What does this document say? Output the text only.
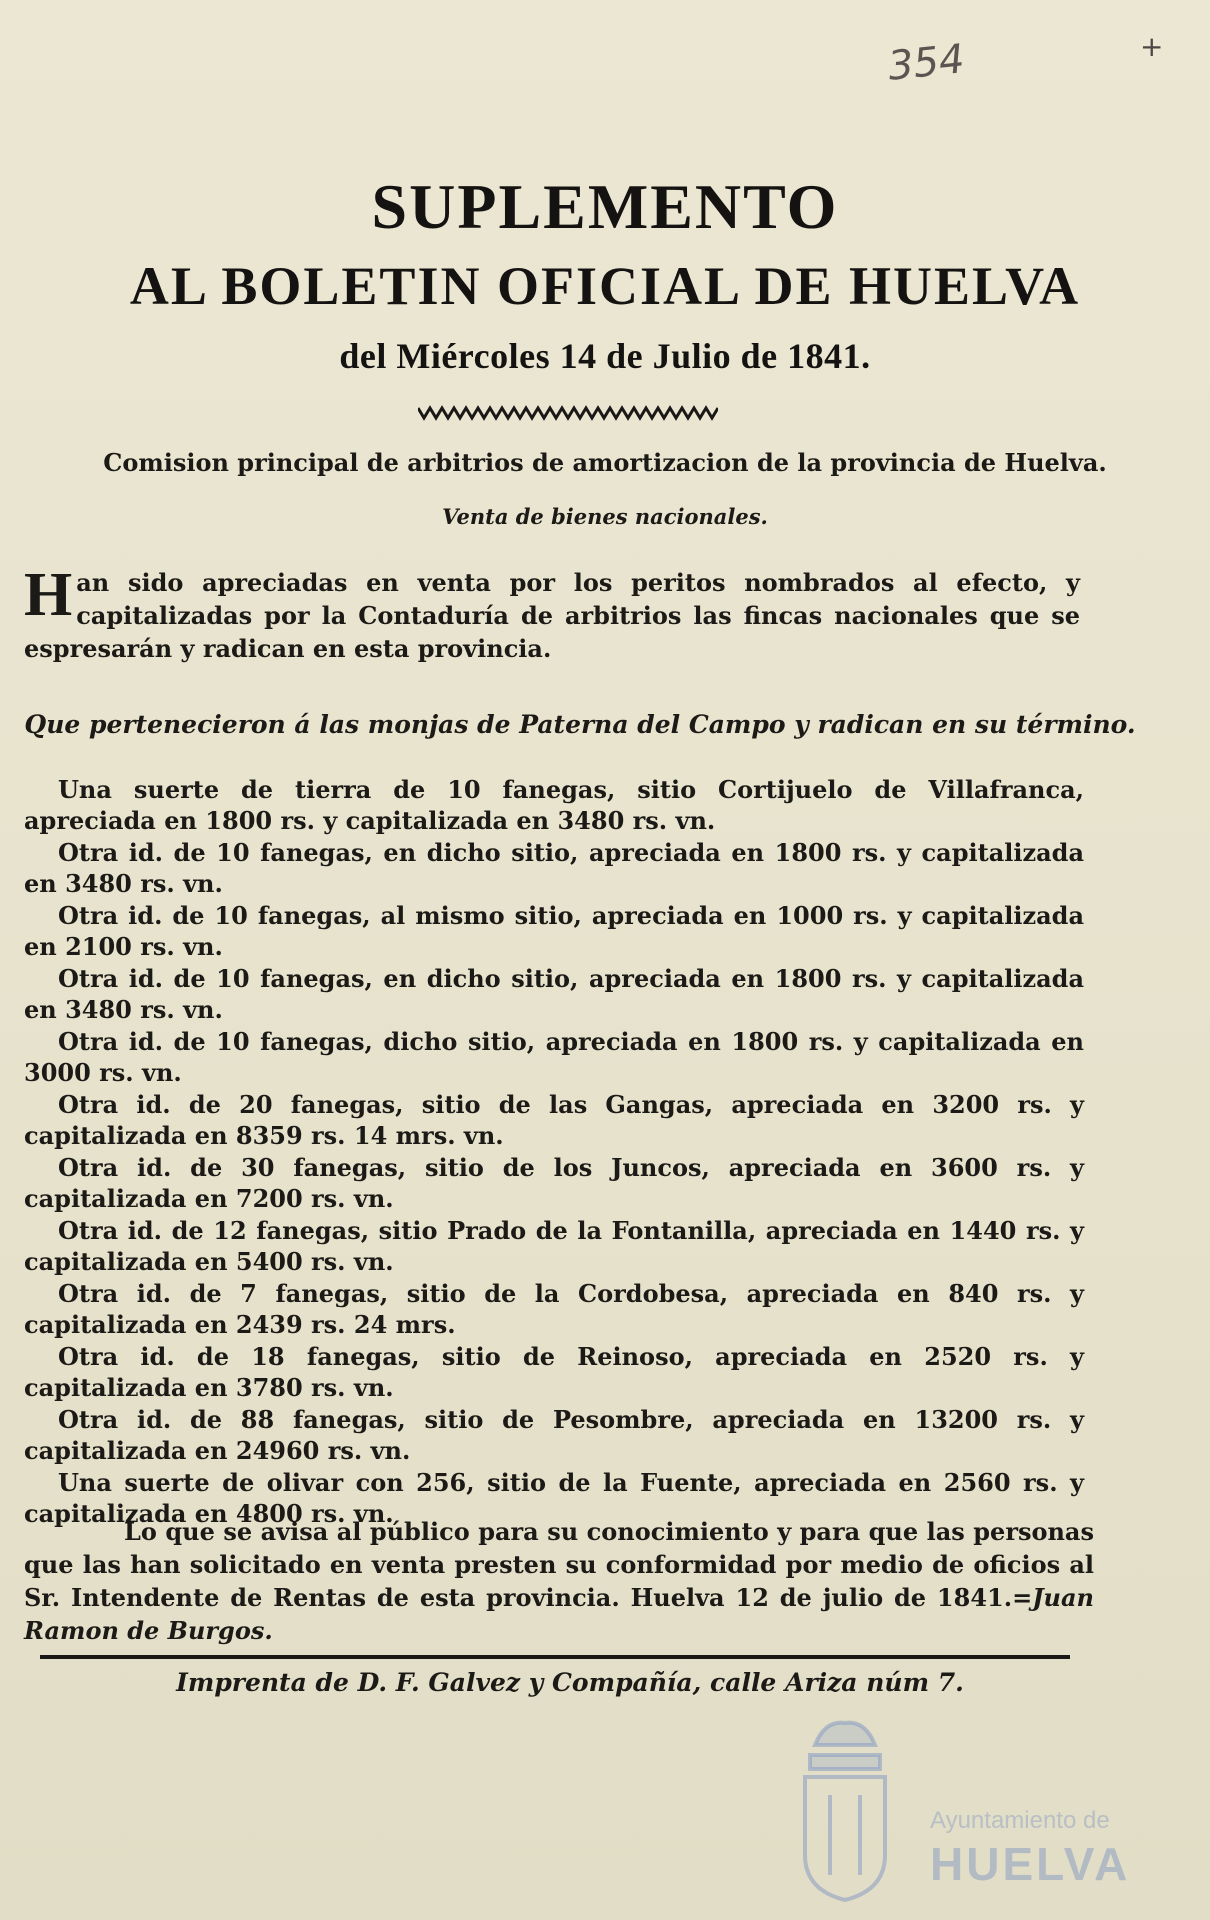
354	+
SUPLEMENTO
AL BOLETIN OFICIAL DE HUELVA
del Miércoles 14 de Julio de 1841.

Comision principal de arbitrios de amortizacion de la provincia de Huelva.

Venta de bienes nacionales.

Han sido apreciadas en venta por los peritos nombrados al efecto, y capitalizadas por la Contaduría de arbitrios las fincas nacionales que se espresarán y radican en esta provincia.

Que pertenecieron á las monjas de Paterna del Campo y radican en su término.

Una suerte de tierra de 10 fanegas, sitio Cortijuelo de Villafranca, apreciada en 1800 rs. y capitalizada en 3480 rs. vn.
Otra id. de 10 fanegas, en dicho sitio, apreciada en 1800 rs. y capitalizada en 3480 rs. vn.
Otra id. de 10 fanegas, al mismo sitio, apreciada en 1000 rs. y capitalizada en 2100 rs. vn.
Otra id. de 10 fanegas, en dicho sitio, apreciada en 1800 rs. y capitalizada en 3480 rs. vn.
Otra id. de 10 fanegas, dicho sitio, apreciada en 1800 rs. y capitalizada en 3000 rs. vn.
Otra id. de 20 fanegas, sitio de las Gangas, apreciada en 3200 rs. y capitalizada en 8359 rs. 14 mrs. vn.
Otra id. de 30 fanegas, sitio de los Juncos, apreciada en 3600 rs. y capitalizada en 7200 rs. vn.
Otra id. de 12 fanegas, sitio Prado de la Fontanilla, apreciada en 1440 rs. y capitalizada en 5400 rs. vn.
Otra id. de 7 fanegas, sitio de la Cordobesa, apreciada en 840 rs. y capitalizada en 2439 rs. 24 mrs.
Otra id. de 18 fanegas, sitio de Reinoso, apreciada en 2520 rs. y capitalizada en 3780 rs. vn.
Otra id. de 88 fanegas, sitio de Pesombre, apreciada en 13200 rs. y capitalizada en 24960 rs. vn.
Una suerte de olivar con 256, sitio de la Fuente, apreciada en 2560 rs. y capitalizada en 4800 rs. vn.

Lo que se avisa al público para su conocimiento y para que las personas que las han solicitado en venta presten su conformidad por medio de oficios al Sr. Intendente de Rentas de esta provincia. Huelva 12 de julio de 1841.=Juan Ramon de Burgos.

Imprenta de D. F. Galvez y Compañía, calle Ariza núm 7.

Ayuntamiento de
HUELVA
